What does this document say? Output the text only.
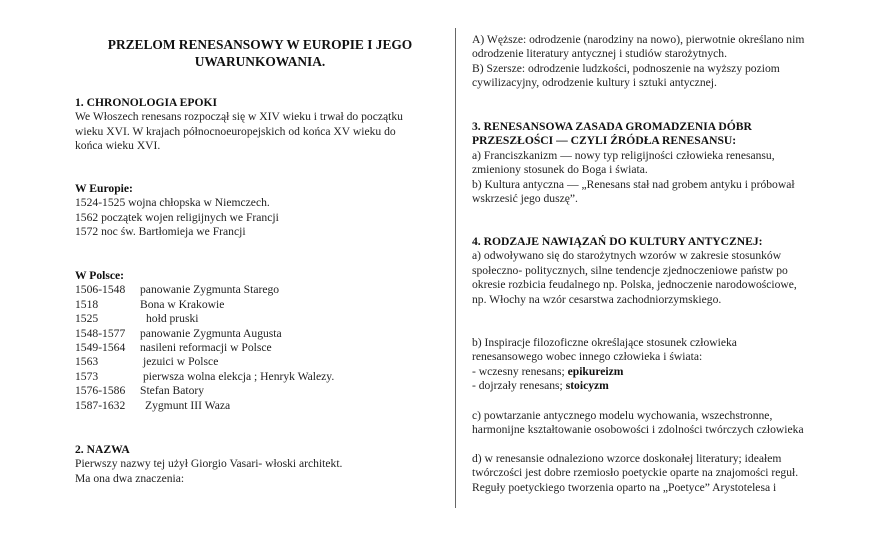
PRZELOM RENESANSOWY W EUROPIE I JEGO UWARUNKOWANIA.
1. CHRONOLOGIA EPOKI
We Włoszech renesans rozpoczął się w XIV wieku i trwał do początku
wieku XVI. W krajach północnoeuropejskich od końca XV wieku do
końca wieku XVI.
W Europie:
1524-1525 wojna chłopska w Niemczech.
1562 początek wojen religijnych we Francji
1572 noc św. Bartłomieja we Francji
W Polsce:
1506-1548	panowanie Zygmunta Starego
1518	Bona w Krakowie
1525	hołd pruski
1548-1577	panowanie Zygmunta Augusta
1549-1564	nasileni reformacji w Polsce
1563	jezuici w Polsce
1573	pierwsza wolna elekcja ; Henryk Walezy.
1576-1586	Stefan Batory
1587-1632	Zygmunt III Waza
2. NAZWA
Pierwszy nazwy tej użył Giorgio Vasari- włoski architekt.
Ma ona dwa znaczenia:
A) Węższe: odrodzenie (narodziny na nowo), pierwotnie określano nim
odrodzenie literatury antycznej i studiów starożytnych.
B) Szersze: odrodzenie ludzkości, podnoszenie na wyższy poziom
cywilizacyjny, odrodzenie kultury i sztuki antycznej.
3. RENESANSOWA ZASADA GROMADZENIA DÓBR
PRZESZŁOŚCI — CZYLI ŹRÓDŁA RENESANSU:
a) Franciszkanizm — nowy typ religijności człowieka renesansu,
zmieniony stosunek do Boga i świata.
b) Kultura antyczna — „Renesans stał nad grobem antyku i próbował
wskrzesić jego duszę”.
4. RODZAJE NAWIĄZAŃ DO KULTURY ANTYCZNEJ:
a) odwoływano się do starożytnych wzorów w zakresie stosunków
społeczno- politycznych, silne tendencje zjednoczeniowe państw po
okresie rozbicia feudalnego np. Polska, jednoczenie narodowościowe,
np. Włochy na wzór cesarstwa zachodniorzymskiego.
b) Inspiracje filozoficzne określające stosunek człowieka
renesansowego wobec innego człowieka i świata:
- wczesny renesans; epikureizm
- dojrzały renesans; stoicyzm
c) powtarzanie antycznego modelu wychowania, wszechstronne,
harmonijne kształtowanie osobowości i zdolności twórczych człowieka
d) w renesansie odnaleziono wzorce doskonałej literatury; ideałem
twórczości jest dobre rzemiosło poetyckie oparte na znajomości reguł.
Reguły poetyckiego tworzenia oparto na „Poetyce” Arystotelesa i
